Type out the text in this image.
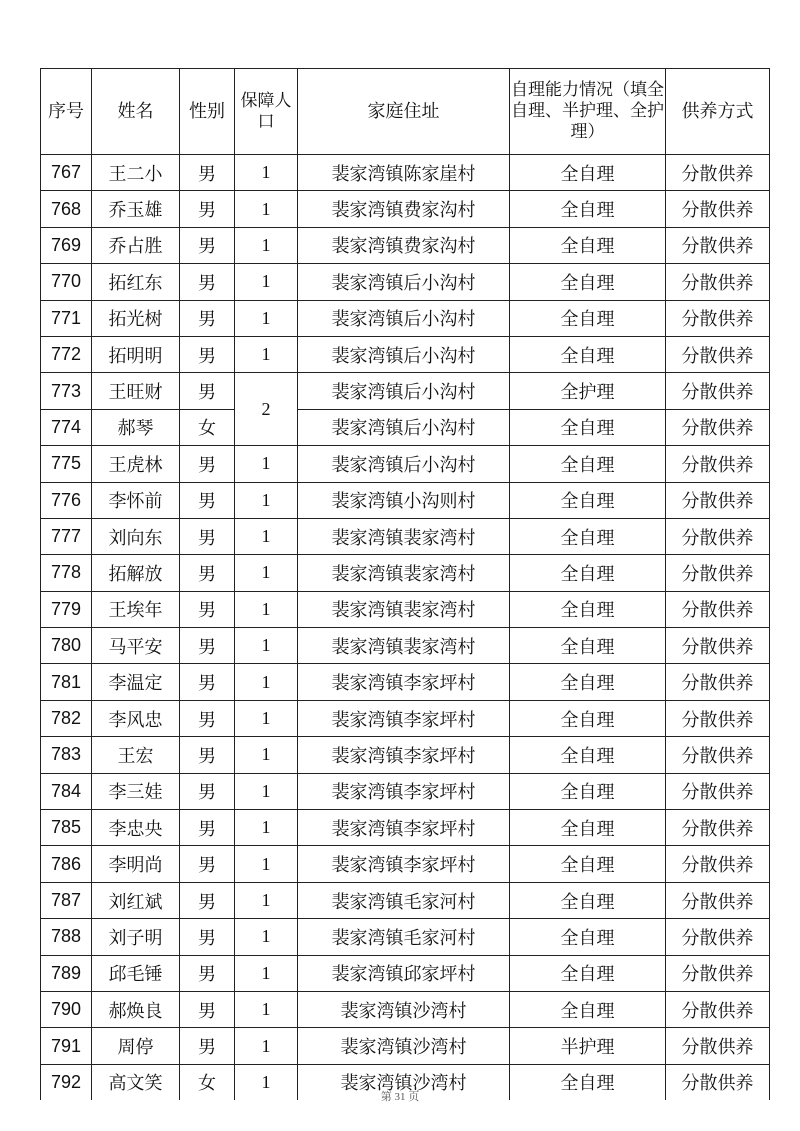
序号	姓名	性别	保障人口	家庭住址	自理能力情况（填全自理、半护理、全护理）	供养方式
767	王二小	男	1	裴家湾镇陈家崖村	全自理	分散供养
768	乔玉雄	男	1	裴家湾镇费家沟村	全自理	分散供养
769	乔占胜	男	1	裴家湾镇费家沟村	全自理	分散供养
770	拓红东	男	1	裴家湾镇后小沟村	全自理	分散供养
771	拓光树	男	1	裴家湾镇后小沟村	全自理	分散供养
772	拓明明	男	1	裴家湾镇后小沟村	全自理	分散供养
773	王旺财	男	2	裴家湾镇后小沟村	全护理	分散供养
774	郝琴	女		裴家湾镇后小沟村	全自理	分散供养
775	王虎林	男	1	裴家湾镇后小沟村	全自理	分散供养
776	李怀前	男	1	裴家湾镇小沟则村	全自理	分散供养
777	刘向东	男	1	裴家湾镇裴家湾村	全自理	分散供养
778	拓解放	男	1	裴家湾镇裴家湾村	全自理	分散供养
779	王埃年	男	1	裴家湾镇裴家湾村	全自理	分散供养
780	马平安	男	1	裴家湾镇裴家湾村	全自理	分散供养
781	李温定	男	1	裴家湾镇李家坪村	全自理	分散供养
782	李风忠	男	1	裴家湾镇李家坪村	全自理	分散供养
783	王宏	男	1	裴家湾镇李家坪村	全自理	分散供养
784	李三娃	男	1	裴家湾镇李家坪村	全自理	分散供养
785	李忠央	男	1	裴家湾镇李家坪村	全自理	分散供养
786	李明尚	男	1	裴家湾镇李家坪村	全自理	分散供养
787	刘红斌	男	1	裴家湾镇毛家河村	全自理	分散供养
788	刘子明	男	1	裴家湾镇毛家河村	全自理	分散供养
789	邱毛锤	男	1	裴家湾镇邱家坪村	全自理	分散供养
790	郝焕良	男	1	裴家湾镇沙湾村	全自理	分散供养
791	周停	男	1	裴家湾镇沙湾村	半护理	分散供养
792	高文笑	女	1	裴家湾镇沙湾村	全自理	分散供养
第 31 页
